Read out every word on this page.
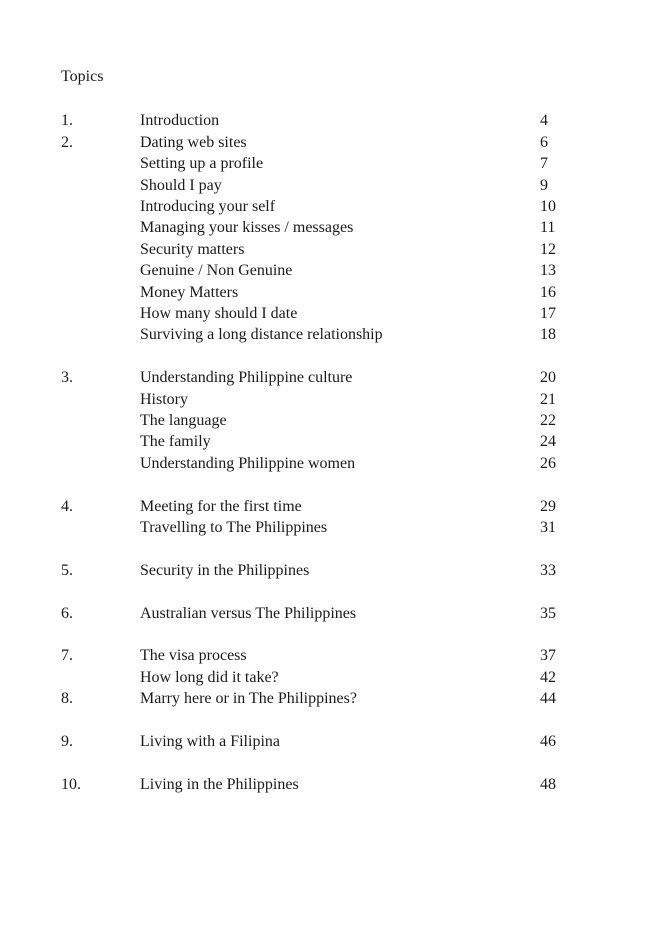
Topics
1.	Introduction	4
2.	Dating web sites	6
Setting up a profile	7
Should I pay	9
Introducing your self	10
Managing your kisses / messages	11
Security matters	12
Genuine / Non Genuine	13
Money Matters	16
How many should I date	17
Surviving a long distance relationship	18
3.	Understanding Philippine culture	20
History	21
The language	22
The family	24
Understanding Philippine women	26
4.	Meeting for the first time	29
Travelling to The Philippines	31
5.	Security in the Philippines	33
6.	Australian versus The Philippines	35
7.	The visa process	37
How long did it take?	42
8.	Marry here or in The Philippines?	44
9.	Living with a Filipina	46
10.	Living in the Philippines	48
